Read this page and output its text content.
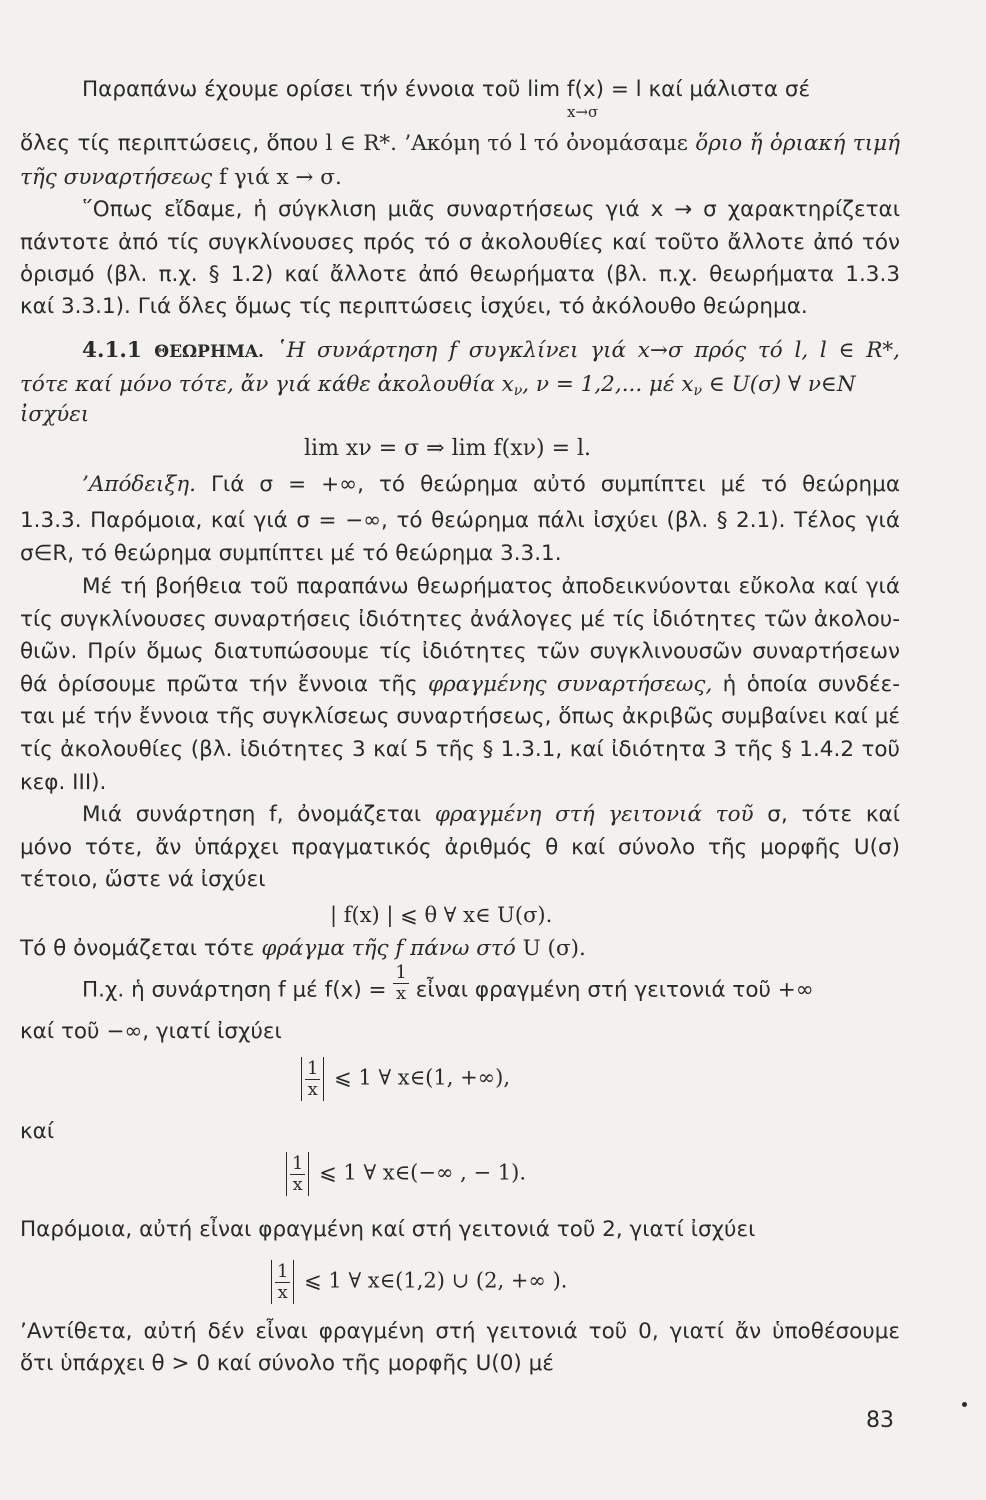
Παραπάνω έχουμε ορίσει τήν έννοια τοῦ lim f(x) = l καί μάλιστα σέ
x→σ
ὅλες τίς περιπτώσεις, ὅπου l ∈ R*. ’Ακόμη τό l τό ὀνομάσαμε ὅριο ἤ ὁριακή τιμή
τῆς συναρτήσεως f γιά x → σ.
῞Οπως εἴδαμε, ἡ σύγκλιση μιᾶς συναρτήσεως γιά x → σ χαρακτηρίζεται
πάντοτε ἀπό τίς συγκλίνουσες πρός τό σ ἀκολουθίες καί τοῦτο ἄλλοτε ἀπό τόν
ὁρισμό (βλ. π.χ. § 1.2) καί ἄλλοτε ἀπό θεωρήματα (βλ. π.χ. θεωρήματα 1.3.3
καί 3.3.1). Γιά ὅλες ὅμως τίς περιπτώσεις ἰσχύει, τό ἀκόλουθο θεώρημα.
4.1.1 ΘΕΩΡΗΜΑ. ῾Η συνάρτηση f συγκλίνει γιά x→σ πρός τό l, l ∈ R*,
τότε καί μόνο τότε, ἄν γιά κάθε ἀκολουθία xν, ν = 1,2,... μέ xν ∈ U(σ) ∀ ν∈N
ἰσχύει
lim xν = σ ⇒ lim f(xν) = l.
’Απόδειξη. Γιά σ = +∞, τό θεώρημα αὐτό συμπίπτει μέ τό θεώρημα
1.3.3. Παρόμοια, καί γιά σ = −∞, τό θεώρημα πάλι ἰσχύει (βλ. § 2.1). Τέλος γιά
σ∈R, τό θεώρημα συμπίπτει μέ τό θεώρημα 3.3.1.
Μέ τή βοήθεια τοῦ παραπάνω θεωρήματος ἀποδεικνύονται εὔκολα καί γιά
τίς συγκλίνουσες συναρτήσεις ἰδιότητες ἀνάλογες μέ τίς ἰδιότητες τῶν ἀκολου-
θιῶν. Πρίν ὅμως διατυπώσουμε τίς ἰδιότητες τῶν συγκλινουσῶν συναρτήσεων
θά ὁρίσουμε πρῶτα τήν ἔννοια τῆς φραγμένης συναρτήσεως, ἡ ὁποία συνδέε-
ται μέ τήν ἔννοια τῆς συγκλίσεως συναρτήσεως, ὅπως ἀκριβῶς συμβαίνει καί μέ
τίς ἀκολουθίες (βλ. ἰδιότητες 3 καί 5 τῆς § 1.3.1, καί ἰδιότητα 3 τῆς § 1.4.2 τοῦ
κεφ. ΙΙΙ).
Μιά συνάρτηση f, ὀνομάζεται φραγμένη στή γειτονιά τοῦ σ, τότε καί
μόνο τότε, ἄν ὑπάρχει πραγματικός ἀριθμός θ καί σύνολο τῆς μορφῆς U(σ)
τέτοιο, ὥστε νά ἰσχύει
| f(x) | ⩽ θ ∀ x∈ U(σ).
Τό θ ὀνομάζεται τότε φράγμα τῆς f πάνω στό U (σ).
Π.χ. ἡ συνάρτηση f μέ $f(x) = \frac{1}{x}$ εἶναι φραγμένη στή γειτονιά τοῦ +∞
καί τοῦ −∞, γιατί ἰσχύει
$\frac{1}{x}$ ⩽ 1 ∀ x∈(1, +∞),
καί
$\frac{1}{x}$ ⩽ 1 ∀ x∈(−∞ , − 1).
Παρόμοια, αὐτή εἶναι φραγμένη καί στή γειτονιά τοῦ 2, γιατί ἰσχύει
$\frac{1}{x}$ ⩽ 1 ∀ x∈(1,2) ∪ (2, +∞ ).
’Αντίθετα, αὐτή δέν εἶναι φραγμένη στή γειτονιά τοῦ 0, γιατί ἄν ὑποθέσουμε
ὅτι ὑπάρχει θ > 0 καί σύνολο τῆς μορφῆς U(0) μέ
83
